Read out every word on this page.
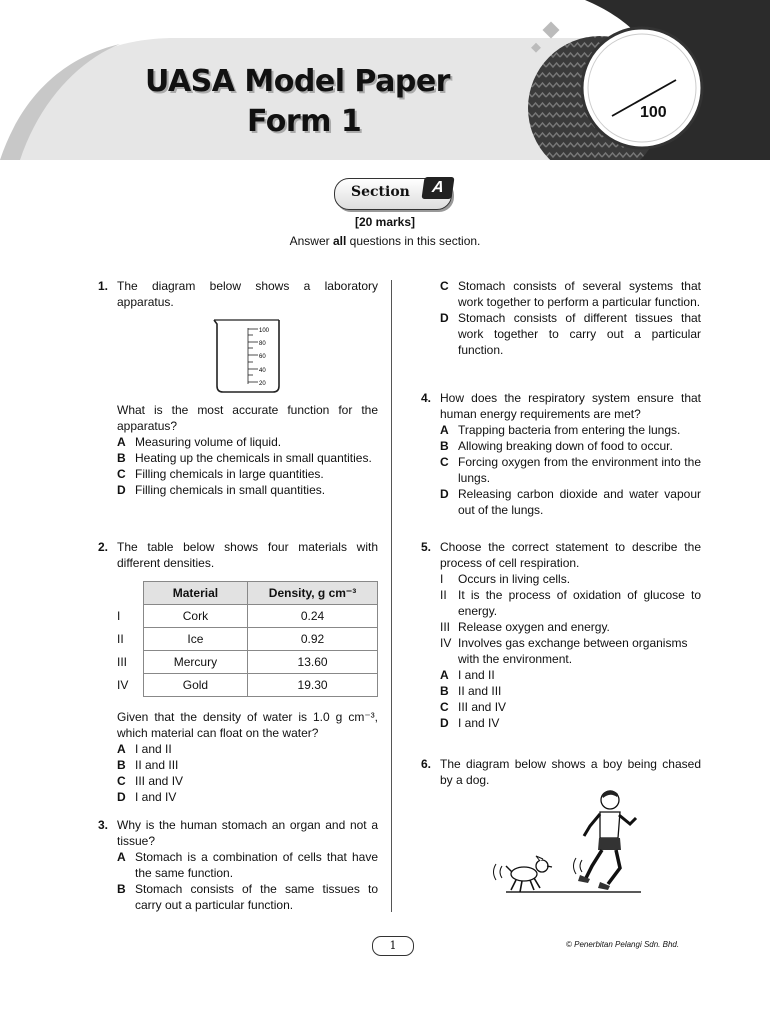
UASA Model Paper
Form 1	100
Section	A
[20 marks]
Answer all questions in this section.
1. The diagram below shows a laboratory apparatus.
100
80
60
40
20
What is the most accurate function for the apparatus?
A Measuring volume of liquid.
B Heating up the chemicals in small quantities.
C Filling chemicals in large quantities.
D Filling chemicals in small quantities.
2. The table below shows four materials with different densities.
	Material	Density, g cm⁻³
I	Cork	0.24
II	Ice	0.92
III	Mercury	13.60
IV	Gold	19.30
Given that the density of water is 1.0 g cm⁻³, which material can float on the water?
A I and II
B II and III
C III and IV
D I and IV
3. Why is the human stomach an organ and not a tissue?
A Stomach is a combination of cells that have the same function.
B Stomach consists of the same tissues to carry out a particular function.
C Stomach consists of several systems that work together to perform a particular function.
D Stomach consists of different tissues that work together to carry out a particular function.
4. How does the respiratory system ensure that human energy requirements are met?
A Trapping bacteria from entering the lungs.
B Allowing breaking down of food to occur.
C Forcing oxygen from the environment into the lungs.
D Releasing carbon dioxide and water vapour out of the lungs.
5. Choose the correct statement to describe the process of cell respiration.
I Occurs in living cells.
II It is the process of oxidation of glucose to energy.
III Release oxygen and energy.
IV Involves gas exchange between organisms with the environment.
A I and II
B II and III
C III and IV
D I and IV
6. The diagram below shows a boy being chased by a dog.
1	© Penerbitan Pelangi Sdn. Bhd.
